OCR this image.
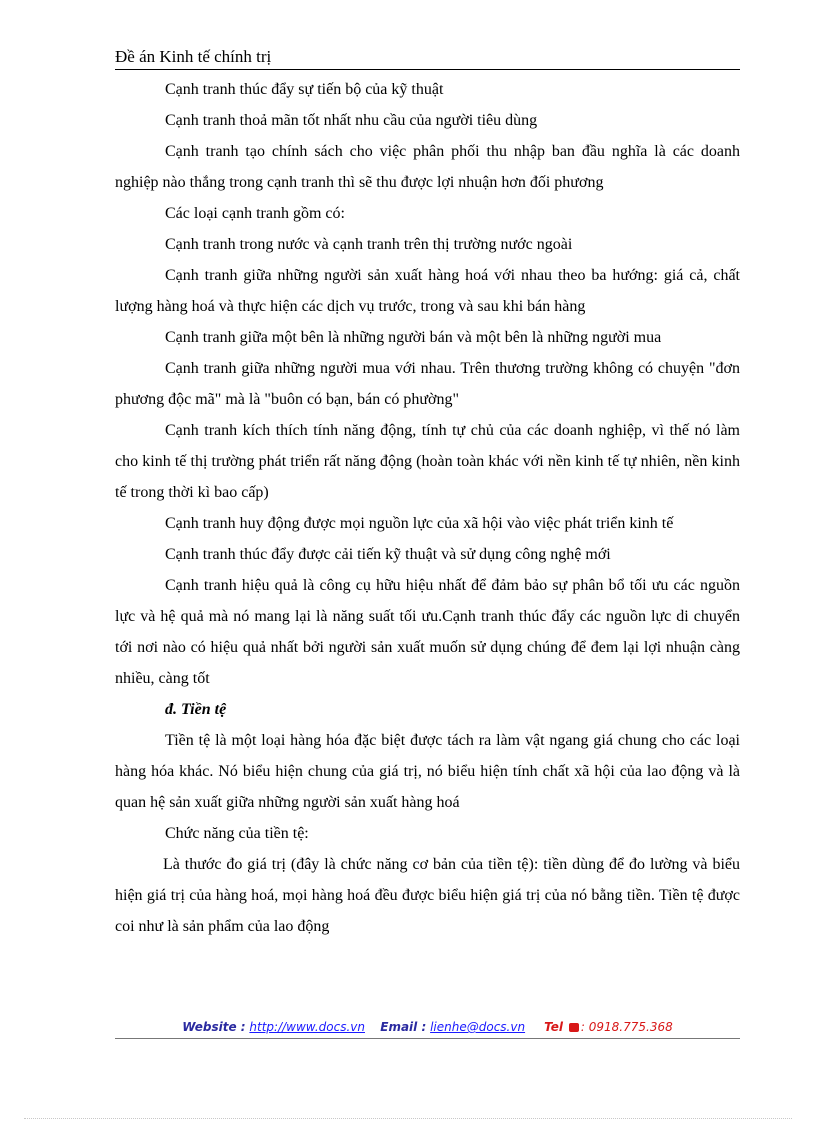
Đề án Kinh tế chính trị

Cạnh tranh thúc đẩy sự tiến bộ của kỹ thuật

Cạnh tranh thoả mãn tốt nhất nhu cầu của người tiêu dùng

Cạnh tranh tạo chính sách cho việc phân phối thu nhập ban đầu nghĩa là các doanh nghiệp nào thắng trong cạnh tranh thì sẽ thu được lợi nhuận hơn đối phương

Các loại cạnh tranh gồm có:

Cạnh tranh trong nước và cạnh tranh trên thị trường nước ngoài

Cạnh tranh giữa những người sản xuất hàng hoá với nhau theo ba hướng: giá cả, chất lượng hàng hoá và thực hiện các dịch vụ trước, trong và sau khi bán hàng

Cạnh tranh giữa một bên là những người bán và một bên là những người mua

Cạnh tranh giữa những người mua với nhau. Trên thương trường không có chuyện "đơn phương độc mã" mà là "buôn có bạn, bán có phường"

Cạnh tranh kích thích tính năng động, tính tự chủ của các doanh nghiệp, vì thế nó làm cho kinh tế thị trường phát triển rất năng động (hoàn toàn khác với nền kinh tế tự nhiên, nền kinh tế trong thời kì bao cấp)

Cạnh tranh huy động được mọi nguồn lực của xã hội vào việc phát triển kinh tế

Cạnh tranh thúc đẩy được cải tiến kỹ thuật và sử dụng công nghệ mới

Cạnh tranh hiệu quả là công cụ hữu hiệu nhất để đảm bảo sự phân bổ tối ưu các nguồn lực và hệ quả mà nó mang lại là năng suất tối ưu.Cạnh tranh thúc đẩy các nguồn lực di chuyển tới nơi nào có hiệu quả nhất bởi người sản xuất muốn sử dụng chúng để đem lại lợi nhuận càng nhiều, càng tốt

đ. Tiền tệ

Tiền tệ là một loại hàng hóa đặc biệt được tách ra làm vật ngang giá chung cho các loại hàng hóa khác. Nó biểu hiện chung của giá trị, nó biểu hiện tính chất xã hội của lao động và là quan hệ sản xuất giữa những người sản xuất hàng hoá

Chức năng của tiền tệ:

Là thước đo giá trị (đây là chức năng cơ bản của tiền tệ): tiền dùng để đo lường và biểu hiện giá trị của hàng hoá, mọi hàng hoá đều được biểu hiện giá trị của nó bằng tiền. Tiền tệ được coi như là sản phẩm của lao động

Website : http://www.docs.vn Email : lienhe@docs.vn Tel : 0918.775.368
